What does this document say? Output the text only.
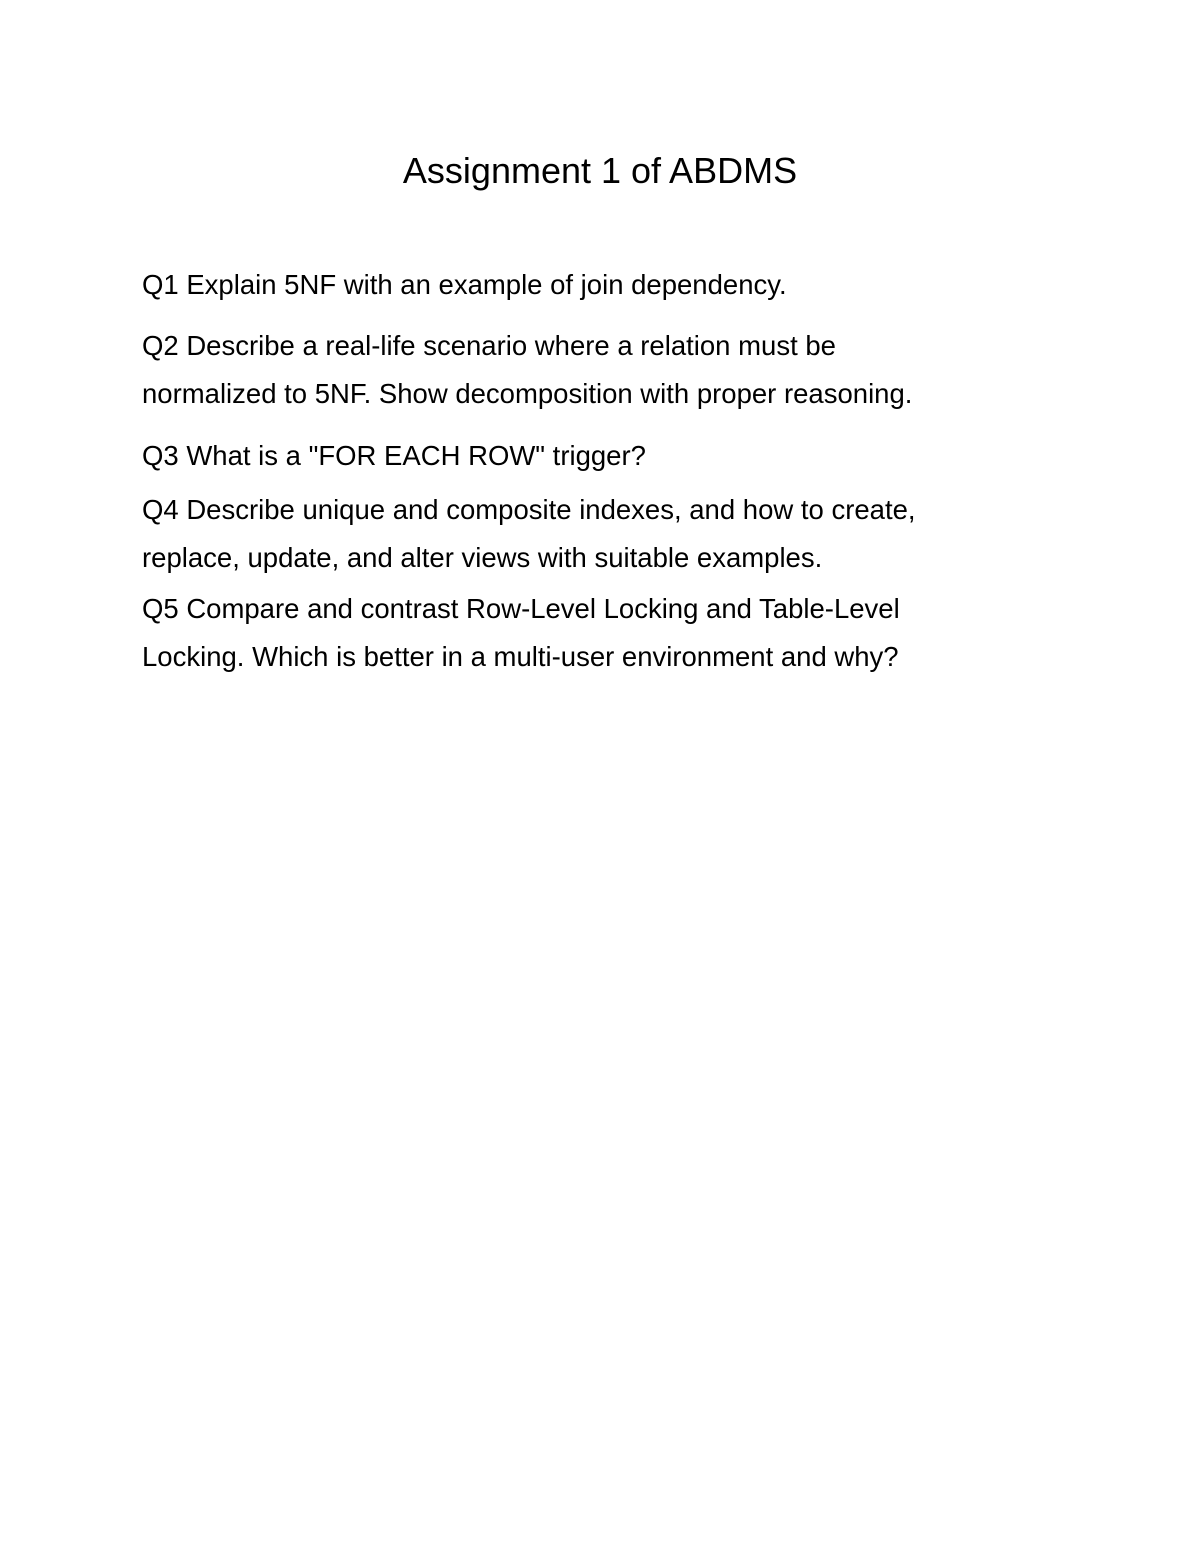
Assignment 1 of ABDMS
Q1 Explain 5NF with an example of join dependency.
Q2 Describe a real-life scenario where a relation must be
normalized to 5NF. Show decomposition with proper reasoning.
Q3 What is a "FOR EACH ROW" trigger?
Q4 Describe unique and composite indexes, and how to create,
replace, update, and alter views with suitable examples.
Q5 Compare and contrast Row-Level Locking and Table-Level
Locking. Which is better in a multi-user environment and why?
